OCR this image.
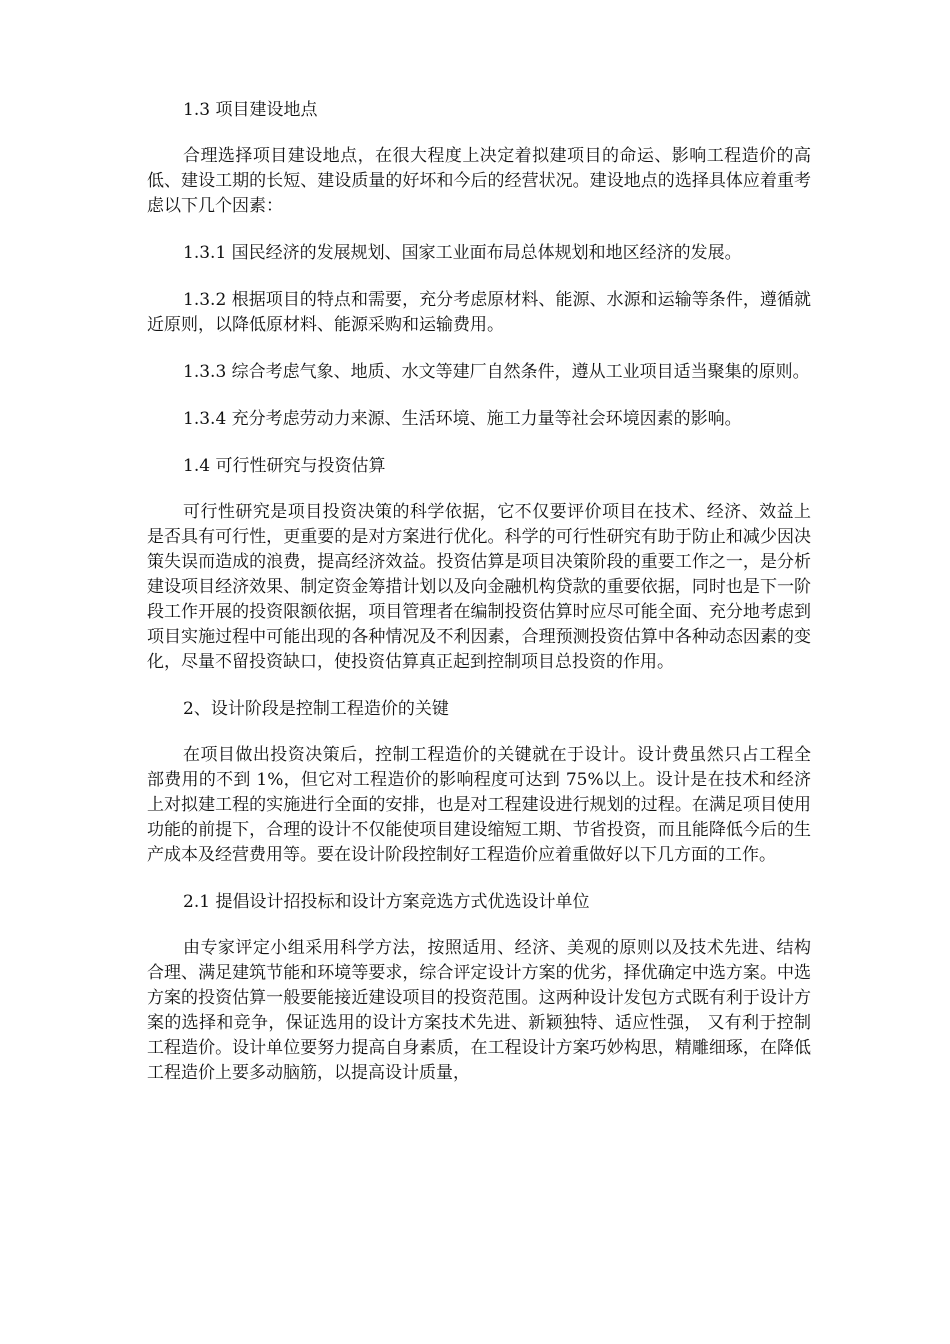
1.3 项目建设地点

合理选择项目建设地点，在很大程度上决定着拟建项目的命运、影响工程造价的高低、建设工期的长短、建设质量的好坏和今后的经营状况。建设地点的选择具体应着重考虑以下几个因素：

1.3.1 国民经济的发展规划、国家工业面布局总体规划和地区经济的发展。

1.3.2 根据项目的特点和需要，充分考虑原材料、能源、水源和运输等条件，遵循就近原则，以降低原材料、能源采购和运输费用。

1.3.3 综合考虑气象、地质、水文等建厂自然条件，遵从工业项目适当聚集的原则。

1.3.4 充分考虑劳动力来源、生活环境、施工力量等社会环境因素的影响。

1.4 可行性研究与投资估算

可行性研究是项目投资决策的科学依据，它不仅要评价项目在技术、经济、效益上是否具有可行性，更重要的是对方案进行优化。科学的可行性研究有助于防止和减少因决策失误而造成的浪费，提高经济效益。投资估算是项目决策阶段的重要工作之一，是分析建设项目经济效果、制定资金筹措计划以及向金融机构贷款的重要依据，同时也是下一阶段工作开展的投资限额依据，项目管理者在编制投资估算时应尽可能全面、充分地考虑到项目实施过程中可能出现的各种情况及不利因素，合理预测投资估算中各种动态因素的变化，尽量不留投资缺口，使投资估算真正起到控制项目总投资的作用。

2、设计阶段是控制工程造价的关键

在项目做出投资决策后，控制工程造价的关键就在于设计。设计费虽然只占工程全部费用的不到 1%，但它对工程造价的影响程度可达到 75%以上。设计是在技术和经济上对拟建工程的实施进行全面的安排，也是对工程建设进行规划的过程。在满足项目使用功能的前提下，合理的设计不仅能使项目建设缩短工期、节省投资，而且能降低今后的生产成本及经营费用等。要在设计阶段控制好工程造价应着重做好以下几方面的工作。

2.1 提倡设计招投标和设计方案竞选方式优选设计单位

由专家评定小组采用科学方法，按照适用、经济、美观的原则以及技术先进、结构合理、满足建筑节能和环境等要求，综合评定设计方案的优劣，择优确定中选方案。中选方案的投资估算一般要能接近建设项目的投资范围。这两种设计发包方式既有利于设计方案的选择和竞争，保证选用的设计方案技术先进、新颖独特、适应性强， 又有利于控制工程造价。设计单位要努力提高自身素质，在工程设计方案巧妙构思，精雕细琢，在降低工程造价上要多动脑筋，以提高设计质量，
